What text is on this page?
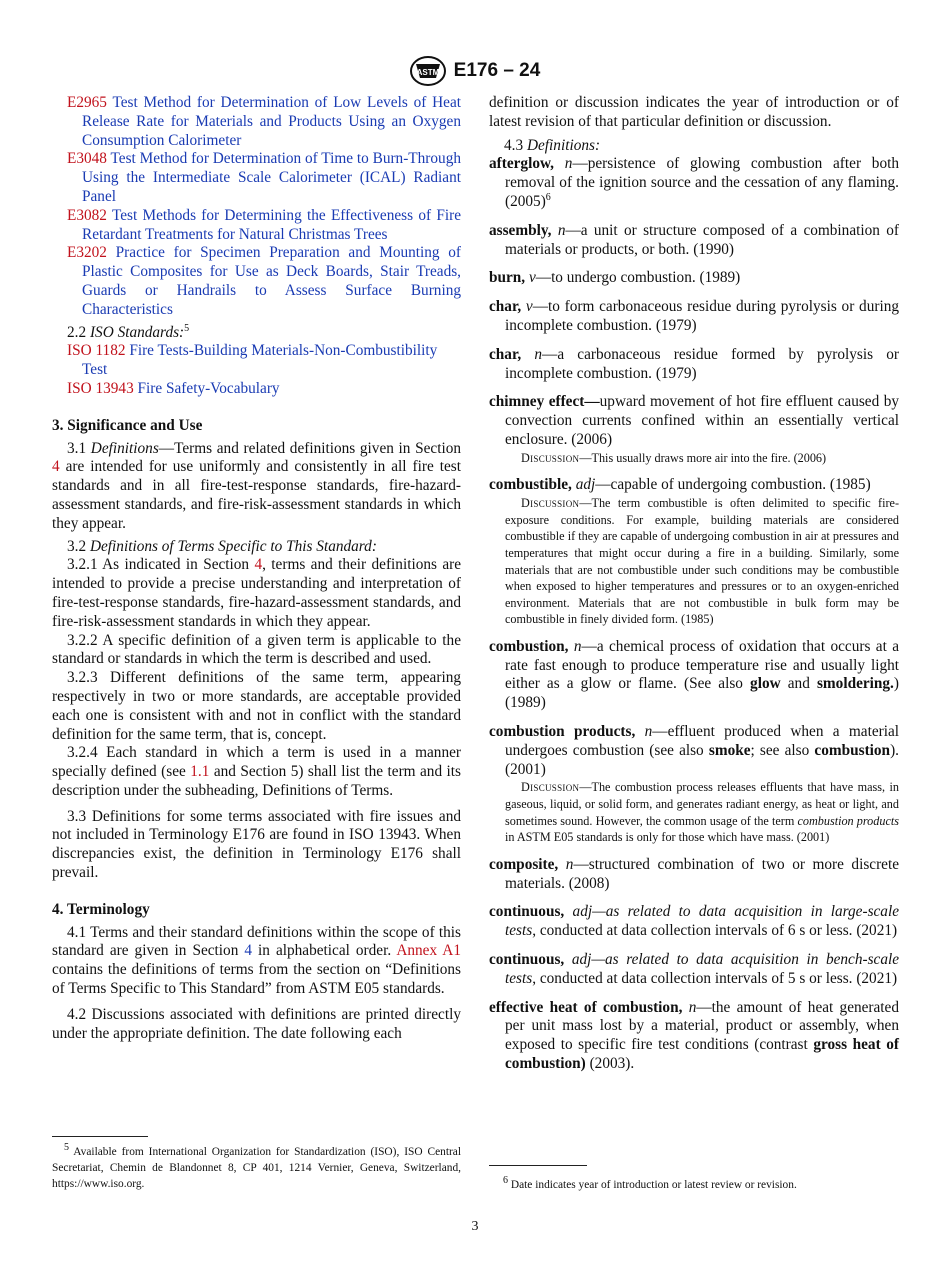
ASTM E176 – 24

E2965 Test Method for Determination of Low Levels of Heat Release Rate for Materials and Products Using an Oxygen Consumption Calorimeter

E3048 Test Method for Determination of Time to Burn-Through Using the Intermediate Scale Calorimeter (ICAL) Radiant Panel

E3082 Test Methods for Determining the Effectiveness of Fire Retardant Treatments for Natural Christmas Trees

E3202 Practice for Specimen Preparation and Mounting of Plastic Composites for Use as Deck Boards, Stair Treads, Guards or Handrails to Assess Surface Burning Characteristics

2.2 ISO Standards:$^5$

ISO 1182 Fire Tests-Building Materials-Non-Combustibility Test

ISO 13943 Fire Safety-Vocabulary

3. Significance and Use

3.1 Definitions—Terms and related definitions given in Section 4 are intended for use uniformly and consistently in all fire test standards and in all fire-test-response standards, fire-hazard-assessment standards, and fire-risk-assessment standards in which they appear.

3.2 Definitions of Terms Specific to This Standard:

3.2.1 As indicated in Section 4, terms and their definitions are intended to provide a precise understanding and interpretation of fire-test-response standards, fire-hazard-assessment standards, and fire-risk-assessment standards in which they appear.

3.2.2 A specific definition of a given term is applicable to the standard or standards in which the term is described and used.

3.2.3 Different definitions of the same term, appearing respectively in two or more standards, are acceptable provided each one is consistent with and not in conflict with the standard definition for the same term, that is, concept.

3.2.4 Each standard in which a term is used in a manner specially defined (see 1.1 and Section 5) shall list the term and its description under the subheading, Definitions of Terms.

3.3 Definitions for some terms associated with fire issues and not included in Terminology E176 are found in ISO 13943. When discrepancies exist, the definition in Terminology E176 shall prevail.

4. Terminology

4.1 Terms and their standard definitions within the scope of this standard are given in Section 4 in alphabetical order. Annex A1 contains the definitions of terms from the section on “Definitions of Terms Specific to This Standard” from ASTM E05 standards.

4.2 Discussions associated with definitions are printed directly under the appropriate definition. The date following each

5 Available from International Organization for Standardization (ISO), ISO Central Secretariat, Chemin de Blandonnet 8, CP 401, 1214 Vernier, Geneva, Switzerland, https://www.iso.org.

definition or discussion indicates the year of introduction or of latest revision of that particular definition or discussion.

4.3 Definitions:

afterglow, n—persistence of glowing combustion after both removal of the ignition source and the cessation of any flaming. $(2005)^6$

assembly, n—a unit or structure composed of a combination of materials or products, or both. (1990)

burn, v—to undergo combustion. (1989)

char, v—to form carbonaceous residue during pyrolysis or during incomplete combustion. (1979)

char, n—a carbonaceous residue formed by pyrolysis or incomplete combustion. (1979)

chimney effect—upward movement of hot fire effluent caused by convection currents confined within an essentially vertical enclosure. (2006)

Discussion—This usually draws more air into the fire. (2006)

combustible, adj—capable of undergoing combustion. (1985)

Discussion—The term combustible is often delimited to specific fire-exposure conditions. For example, building materials are considered combustible if they are capable of undergoing combustion in air at pressures and temperatures that might occur during a fire in a building. Similarly, some materials that are not combustible under such conditions may be combustible when exposed to higher temperatures and pressures or to an oxygen-enriched environment. Materials that are not combustible in bulk form may be combustible in finely divided form. (1985)

combustion, n—a chemical process of oxidation that occurs at a rate fast enough to produce temperature rise and usually light either as a glow or flame. (See also glow and smoldering.) (1989)

combustion products, n—effluent produced when a material undergoes combustion (see also smoke; see also combustion). (2001)

Discussion—The combustion process releases effluents that have mass, in gaseous, liquid, or solid form, and generates radiant energy, as heat or light, and sometimes sound. However, the common usage of the term combustion products in ASTM E05 standards is only for those which have mass. (2001)

composite, n—structured combination of two or more discrete materials. (2008)

continuous, adj—as related to data acquisition in large-scale tests, conducted at data collection intervals of 6 s or less. (2021)

continuous, adj—as related to data acquisition in bench-scale tests, conducted at data collection intervals of 5 s or less. (2021)

effective heat of combustion, n—the amount of heat generated per unit mass lost by a material, product or assembly, when exposed to specific fire test conditions (contrast gross heat of combustion) (2003).

6 Date indicates year of introduction or latest review or revision.
3
